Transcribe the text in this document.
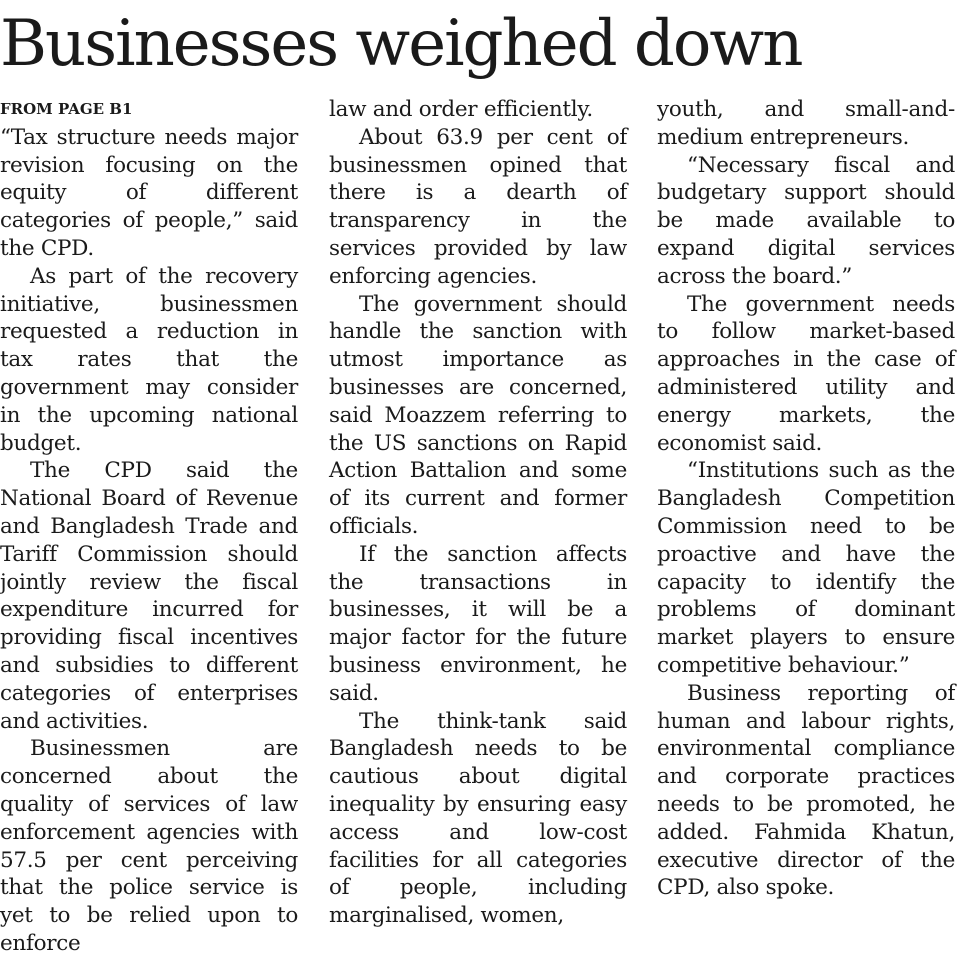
Businesses weighed down
FROM PAGE B1

“Tax structure needs major revision focusing on the equity of different categories of people,” said the CPD.

As part of the recovery initiative, businessmen requested a reduction in tax rates that the government may consider in the upcoming national budget.

The CPD said the National Board of Revenue and Bangladesh Trade and Tariff Commission should jointly review the fiscal expenditure incurred for providing fiscal incentives and subsidies to different categories of enterprises and activities.

Businessmen are concerned about the quality of services of law enforcement agencies with 57.5 per cent perceiving that the police service is yet to be relied upon to enforce

law and order efficiently.

About 63.9 per cent of businessmen opined that there is a dearth of transparency in the services provided by law enforcing agencies.

The government should handle the sanction with utmost importance as businesses are concerned, said Moazzem referring to the US sanctions on Rapid Action Battalion and some of its current and former officials.

If the sanction affects the transactions in businesses, it will be a major factor for the future business environment, he said.

The think-tank said Bangladesh needs to be cautious about digital inequality by ensuring easy access and low-cost facilities for all categories of people, including marginalised, women,

youth, and small-and-medium entrepreneurs.

“Necessary fiscal and budgetary support should be made available to expand digital services across the board.”

The government needs to follow market-based approaches in the case of administered utility and energy markets, the economist said.

“Institutions such as the Bangladesh Competition Commission need to be proactive and have the capacity to identify the problems of dominant market players to ensure competitive behaviour.”

Business reporting of human and labour rights, environmental compliance and corporate practices needs to be promoted, he added. Fahmida Khatun, executive director of the CPD, also spoke.
